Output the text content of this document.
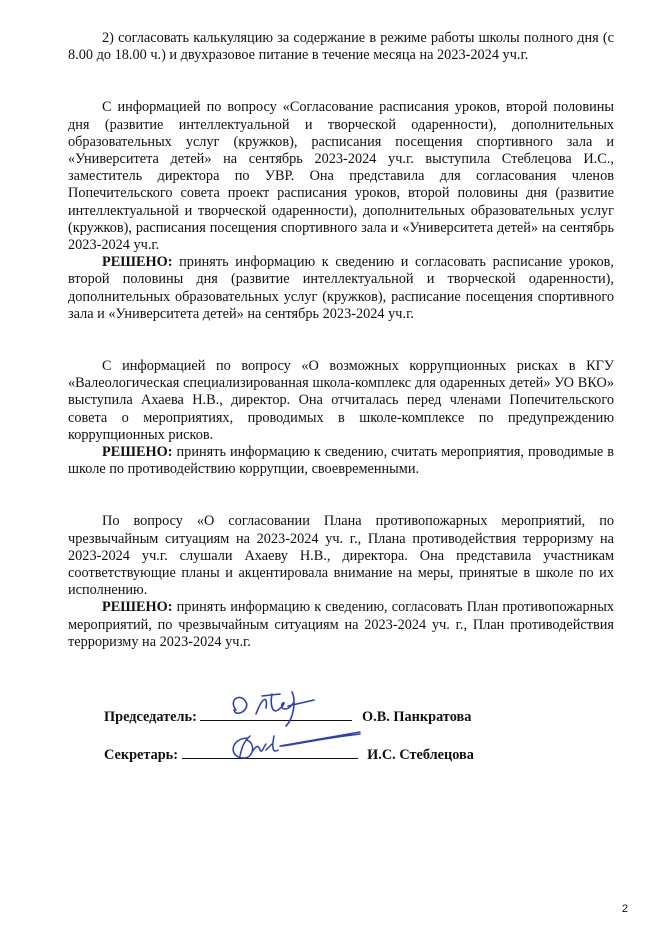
2) согласовать калькуляцию за содержание в режиме работы школы полного дня (с 8.00 до 18.00 ч.) и двухразовое питание в течение месяца на 2023-2024 уч.г.

С информацией по вопросу «Согласование расписания уроков, второй половины дня (развитие интеллектуальной и творческой одаренности), дополнительных образовательных услуг (кружков), расписания посещения спортивного зала и «Университета детей» на сентябрь 2023-2024 уч.г. выступила Стеблецова И.С., заместитель директора по УВР. Она представила для согласования членов Попечительского совета проект расписания уроков, второй половины дня (развитие интеллектуальной и творческой одаренности), дополнительных образовательных услуг (кружков), расписания посещения спортивного зала и «Университета детей» на сентябрь 2023-2024 уч.г.

РЕШЕНО: принять информацию к сведению и согласовать расписание уроков, второй половины дня (развитие интеллектуальной и творческой одаренности), дополнительных образовательных услуг (кружков), расписание посещения спортивного зала и «Университета детей» на сентябрь 2023-2024 уч.г.

С информацией по вопросу «О возможных коррупционных рисках в КГУ «Валеологическая специализированная школа-комплекс для одаренных детей» УО ВКО» выступила Ахаева Н.В., директор. Она отчиталась перед членами Попечительского совета о мероприятиях, проводимых в школе-комплексе по предупреждению коррупционных рисков.

РЕШЕНО: принять информацию к сведению, считать мероприятия, проводимые в школе по противодействию коррупции, своевременными.

По вопросу «О согласовании Плана противопожарных мероприятий, по чрезвычайным ситуациям на 2023-2024 уч. г., Плана противодействия терроризму на 2023-2024 уч.г. слушали Ахаеву Н.В., директора. Она представила участникам соответствующие планы и акцентировала внимание на меры, принятые в школе по их исполнению.

РЕШЕНО: принять информацию к сведению, согласовать План противопожарных мероприятий, по чрезвычайным ситуациям на 2023-2024 уч. г., План противодействия терроризму на 2023-2024 уч.г.

Председатель:	О.В. Панкратова
Секретарь:	И.С. Стеблецова
2
